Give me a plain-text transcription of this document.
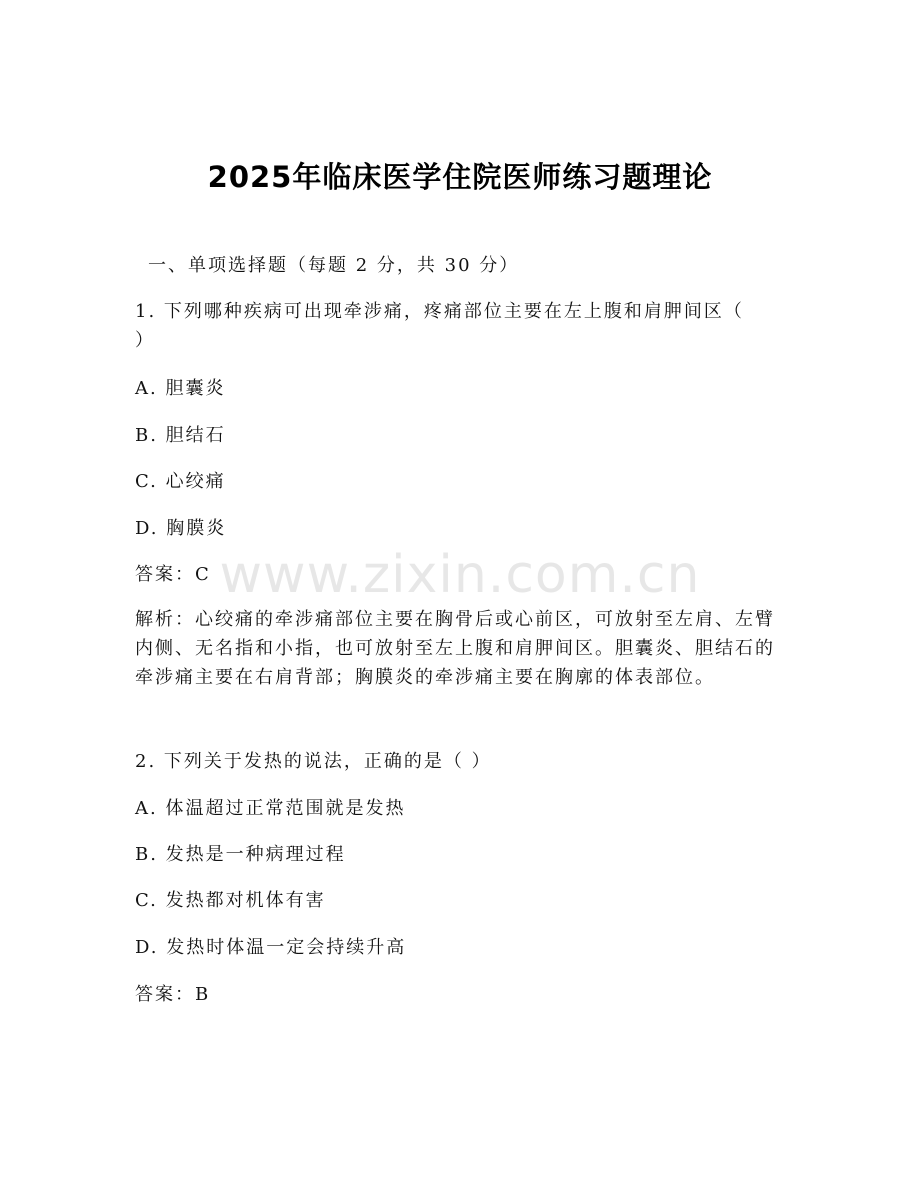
2025年临床医学住院医师练习题理论
一、单项选择题（每题 2 分，共 30 分）
1. 下列哪种疾病可出现牵涉痛，疼痛部位主要在左上腹和肩胛间区（
）
A. 胆囊炎
B. 胆结石
C. 心绞痛
D. 胸膜炎
答案：C
解析：心绞痛的牵涉痛部位主要在胸骨后或心前区，可放射至左肩、左臂内侧、无名指和小指，也可放射至左上腹和肩胛间区。胆囊炎、胆结石的牵涉痛主要在右肩背部；胸膜炎的牵涉痛主要在胸廓的体表部位。
2. 下列关于发热的说法，正确的是（ ）
A. 体温超过正常范围就是发热
B. 发热是一种病理过程
C. 发热都对机体有害
D. 发热时体温一定会持续升高
答案：B
www.zixin.com.cn
